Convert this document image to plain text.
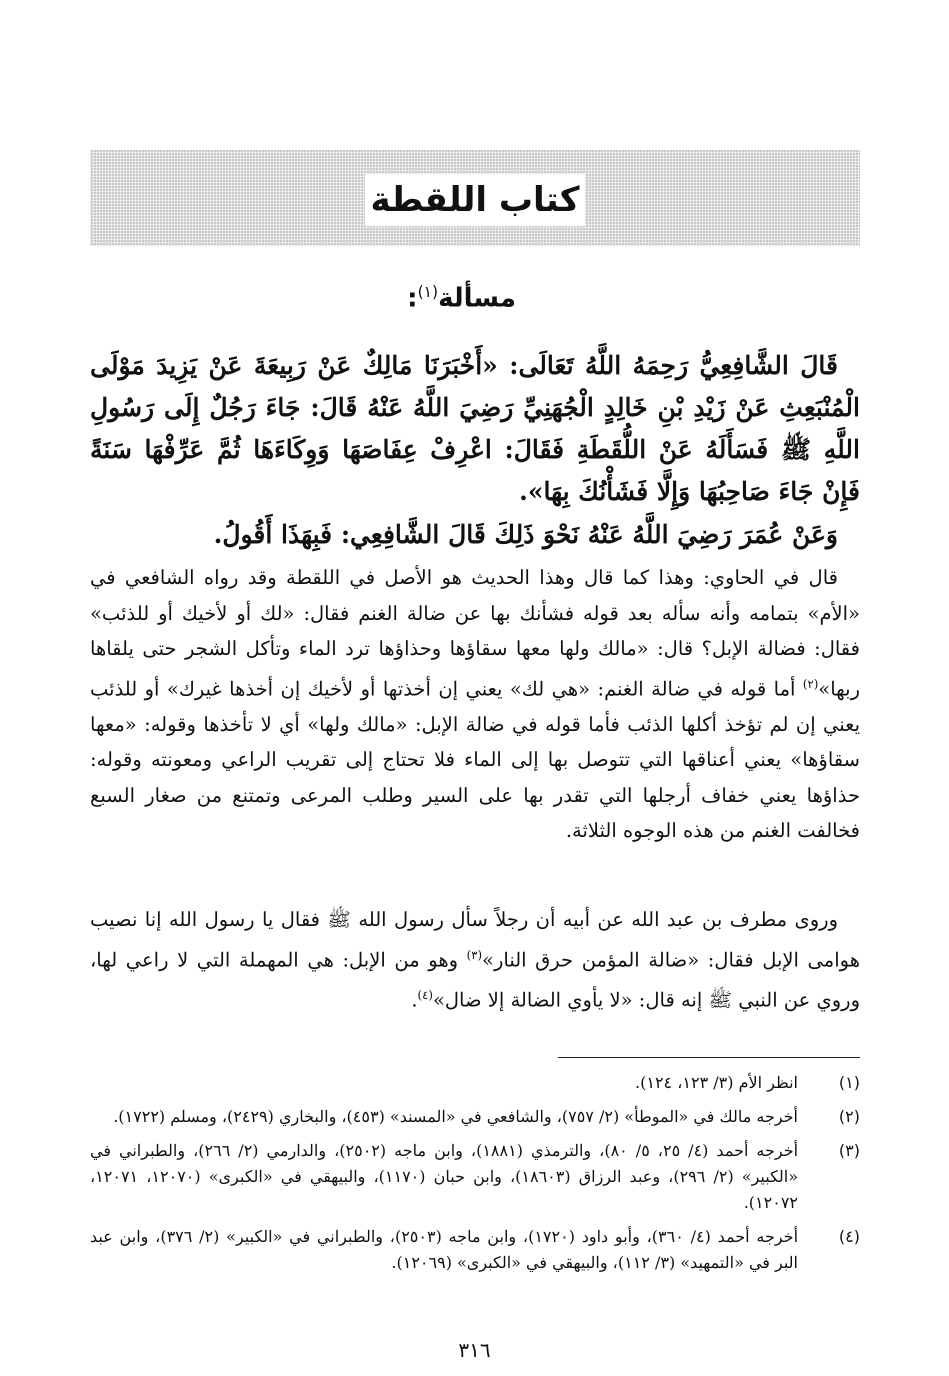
كتاب اللقطة
مسألة$^{(١)}$:
قَالَ الشَّافِعِيُّ رَحِمَهُ اللَّهُ تَعَالَى: «أَخْبَرَنَا مَالِكٌ عَنْ رَبِيعَةَ عَنْ يَزِيدَ مَوْلَى الْمُنْبَعِثِ عَنْ زَيْدِ بْنِ خَالِدٍ الْجُهَنِيِّ رَضِيَ اللَّهُ عَنْهُ قَالَ: جَاءَ رَجُلٌ إِلَى رَسُولِ اللَّهِ ﷺ فَسَأَلَهُ عَنْ اللُّقَطَةِ فَقَالَ: اعْرِفْ عِفَاصَهَا وَوِكَاءَهَا ثُمَّ عَرِّفْهَا سَنَةً فَإِنْ جَاءَ صَاحِبُهَا وَإِلَّا فَشَأْنُكَ بِهَا».
وَعَنْ عُمَرَ رَضِيَ اللَّهُ عَنْهُ نَحْوَ ذَلِكَ قَالَ الشَّافِعِي: فَبِهَذَا أَقُولُ.
قال في الحاوي: وهذا كما قال وهذا الحديث هو الأصل في اللقطة وقد رواه الشافعي في «الأم» بتمامه وأنه سأله بعد قوله فشأنك بها عن ضالة الغنم فقال: «لك أو لأخيك أو للذئب» فقال: فضالة الإبل؟ قال: «مالك ولها معها سقاؤها وحذاؤها ترد الماء وتأكل الشجر حتى يلقاها ربها»$^{(٢)}$ أما قوله في ضالة الغنم: «هي لك» يعني إن أخذتها أو لأخيك إن أخذها غيرك» أو للذئب يعني إن لم تؤخذ أكلها الذئب فأما قوله في ضالة الإبل: «مالك ولها» أي لا تأخذها وقوله: «معها سقاؤها» يعني أعناقها التي تتوصل بها إلى الماء فلا تحتاج إلى تقريب الراعي ومعونته وقوله: حذاؤها يعني خفاف أرجلها التي تقدر بها على السير وطلب المرعى وتمتنع من صغار السبع فخالفت الغنم من هذه الوجوه الثلاثة.
وروى مطرف بن عبد الله عن أبيه أن رجلاً سأل رسول الله ﷺ فقال يا رسول الله إنا نصيب هوامى الإبل فقال: «ضالة المؤمن حرق النار»$^{(٣)}$ وهو من الإبل: هي المهملة التي لا راعي لها، وروي عن النبي ﷺ إنه قال: «لا يأوي الضالة إلا ضال»$^{(٤)}$.
(١)
انظر الأم (٣/ ١٢٣، ١٢٤).
(٢)
أخرجه مالك في «الموطأ» (٢/ ٧٥٧)، والشافعي في «المسند» (٤٥٣)، والبخاري (٢٤٢٩)، ومسلم (١٧٢٢).
(٣)
أخرجه أحمد (٤/ ٢٥، ٥/ ٨٠)، والترمذي (١٨٨١)، وابن ماجه (٢٥٠٢)، والدارمي (٢/ ٢٦٦)، والطبراني في «الكبير» (٢/ ٢٩٦)، وعبد الرزاق (١٨٦٠٣)، وابن حبان (١١٧٠)، والبيهقي في «الكبرى» (١٢٠٧٠، ١٢٠٧١، ١٢٠٧٢).
(٤)
أخرجه أحمد (٤/ ٣٦٠)، وأبو داود (١٧٢٠)، وابن ماجه (٢٥٠٣)، والطبراني في «الكبير» (٢/ ٣٧٦)، وابن عبد البر في «التمهيد» (٣/ ١١٢)، والبيهقي في «الكبرى» (١٢٠٦٩).
٣١٦
